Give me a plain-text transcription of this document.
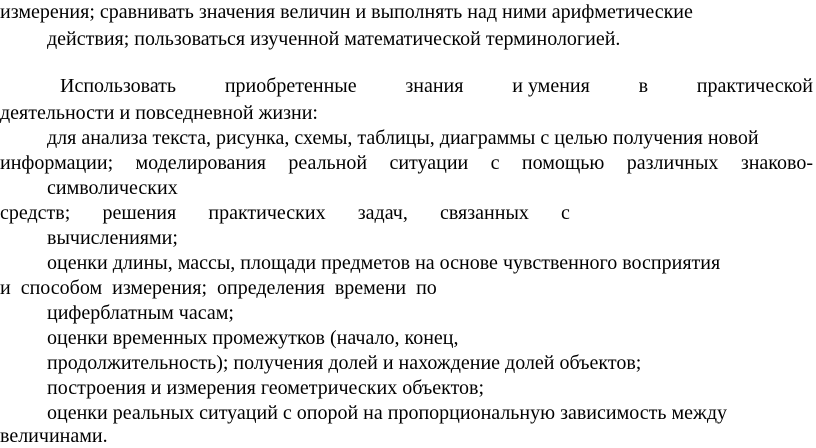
измерения; сравнивать значения величин и выполнять над ними арифметические
действия; пользоваться изученной математической терминологией.
Использовать приобретенные знания и умения в практической
деятельности и повседневной жизни:
для анализа текста, рисунка, схемы, таблицы, диаграммы с целью получения новой
информации; моделирования реальной ситуации с помощью различных знаково-
символических
средств; решения практических задач, связанных с
вычислениями;
оценки длины, массы, площади предметов на основе чувственного восприятия
и  способом  измерения;  определения  времени  по
циферблатным часам;
оценки временных промежутков (начало, конец,
продолжительность); получения долей и нахождение долей объектов;
построения и измерения геометрических объектов;
оценки реальных ситуаций с опорой на пропорциональную зависимость между
величинами.
